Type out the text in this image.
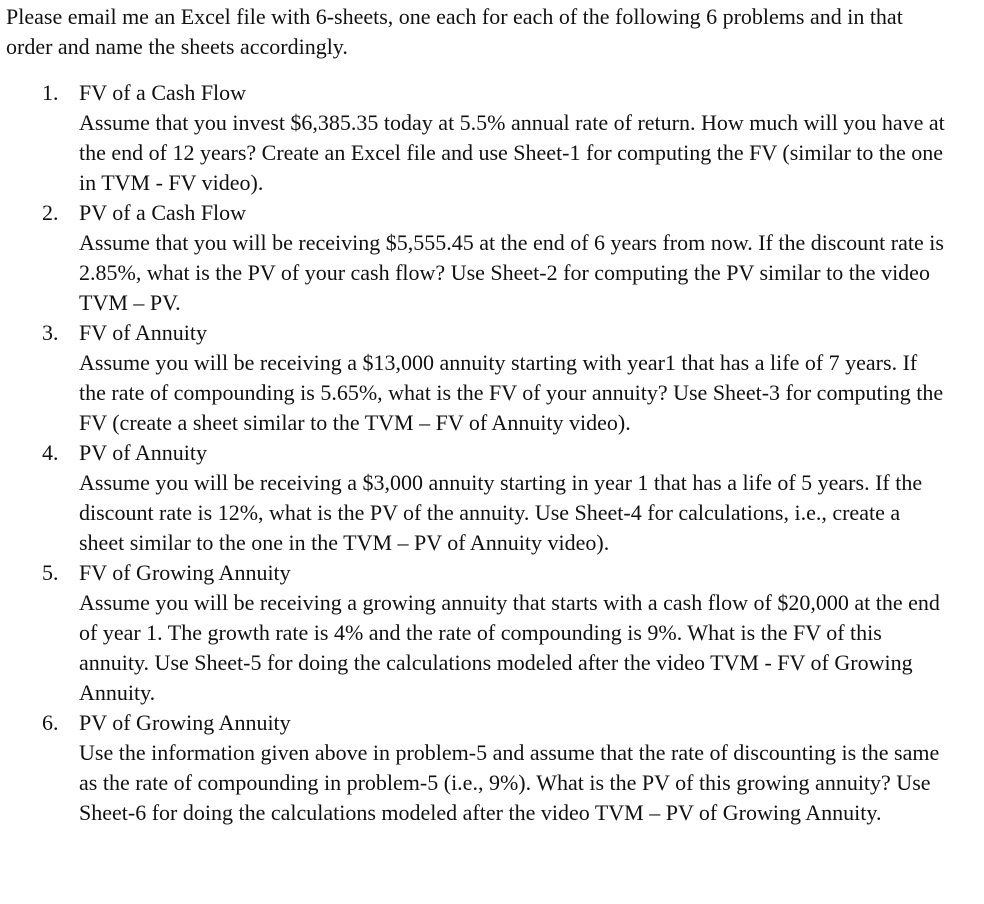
Please email me an Excel file with 6-sheets, one each for each of the following 6 problems and in that order and name the sheets accordingly.

1. FV of a Cash Flow
Assume that you invest $6,385.35 today at 5.5% annual rate of return. How much will you have at the end of 12 years? Create an Excel file and use Sheet-1 for computing the FV (similar to the one in TVM - FV video).
2. PV of a Cash Flow
Assume that you will be receiving $5,555.45 at the end of 6 years from now. If the discount rate is 2.85%, what is the PV of your cash flow? Use Sheet-2 for computing the PV similar to the video TVM – PV.
3. FV of Annuity
Assume you will be receiving a $13,000 annuity starting with year1 that has a life of 7 years. If the rate of compounding is 5.65%, what is the FV of your annuity? Use Sheet-3 for computing the FV (create a sheet similar to the TVM – FV of Annuity video).
4. PV of Annuity
Assume you will be receiving a $3,000 annuity starting in year 1 that has a life of 5 years. If the discount rate is 12%, what is the PV of the annuity. Use Sheet-4 for calculations, i.e., create a sheet similar to the one in the TVM – PV of Annuity video).
5. FV of Growing Annuity
Assume you will be receiving a growing annuity that starts with a cash flow of $20,000 at the end of year 1. The growth rate is 4% and the rate of compounding is 9%. What is the FV of this annuity. Use Sheet-5 for doing the calculations modeled after the video TVM - FV of Growing Annuity.
6. PV of Growing Annuity
Use the information given above in problem-5 and assume that the rate of discounting is the same as the rate of compounding in problem-5 (i.e., 9%). What is the PV of this growing annuity? Use Sheet-6 for doing the calculations modeled after the video TVM – PV of Growing Annuity.
